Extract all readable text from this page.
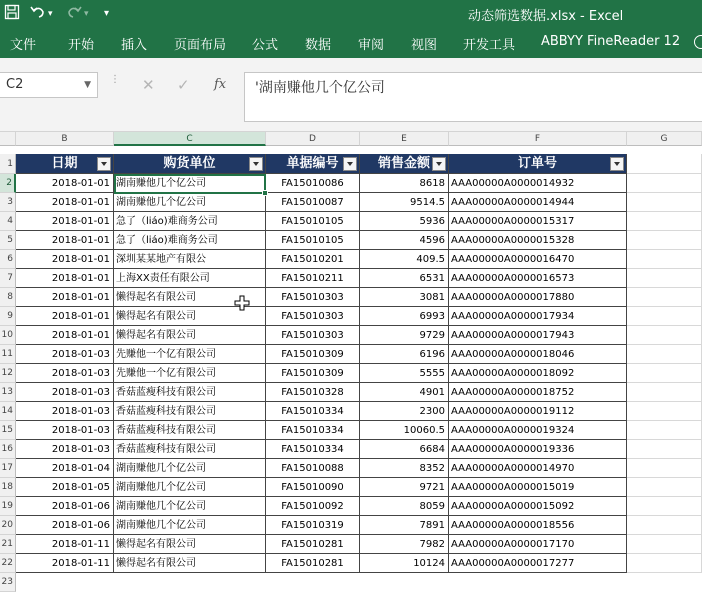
▾	▾ ▾	动态筛选数据.xlsx - Excel
文件 开始 插入 页面布局 公式 数据 审阅 视图 开发工具 ABBYY FineReader 12
C2	▼ ⋮ ✕ ✓ fx	'湖南赚他几个亿公司
B	C	D	E	F	G
1
2
3
4
5
6
7
8
9
10
11
12
13
14
15
16
17
18
19
20
21
22
23
日期	购货单位	单据编号	销售金额	订单号
2018-01-01 湖南赚他几个亿公司	FA15010086	8618 AAA00000A0000014932
2018-01-01 湖南赚他几个亿公司	FA15010087	9514.5 AAA00000A0000014944
2018-01-01 急了（liáo)难商务公司	FA15010105	5936 AAA00000A0000015317
2018-01-01 急了（liáo)难商务公司	FA15010105	4596 AAA00000A0000015328
2018-01-01 深圳某某地产有限公	FA15010201	409.5 AAA00000A0000016470
2018-01-01 上海XX责任有限公司	FA15010211	6531 AAA00000A0000016573
2018-01-01 懒得起名有限公司	FA15010303	3081 AAA00000A0000017880
2018-01-01 懒得起名有限公司	FA15010303	6993 AAA00000A0000017934
2018-01-01 懒得起名有限公司	FA15010303	9729 AAA00000A0000017943
2018-01-03 先赚他一个亿有限公司	FA15010309	6196 AAA00000A0000018046
2018-01-03 先赚他一个亿有限公司	FA15010309	5555 AAA00000A0000018092
2018-01-03 香菇蓝瘦科技有限公司	FA15010328	4901 AAA00000A0000018752
2018-01-03 香菇蓝瘦科技有限公司	FA15010334	2300 AAA00000A0000019112
2018-01-03 香菇蓝瘦科技有限公司	FA15010334	10060.5 AAA00000A0000019324
2018-01-03 香菇蓝瘦科技有限公司	FA15010334	6684 AAA00000A0000019336
2018-01-04 湖南赚他几个亿公司	FA15010088	8352 AAA00000A0000014970
2018-01-05 湖南赚他几个亿公司	FA15010090	9721 AAA00000A0000015019
2018-01-06 湖南赚他几个亿公司	FA15010092	8059 AAA00000A0000015092
2018-01-06 湖南赚他几个亿公司	FA15010319	7891 AAA00000A0000018556
2018-01-11 懒得起名有限公司	FA15010281	7982 AAA00000A0000017170
2018-01-11 懒得起名有限公司	FA15010281	10124 AAA00000A0000017277
